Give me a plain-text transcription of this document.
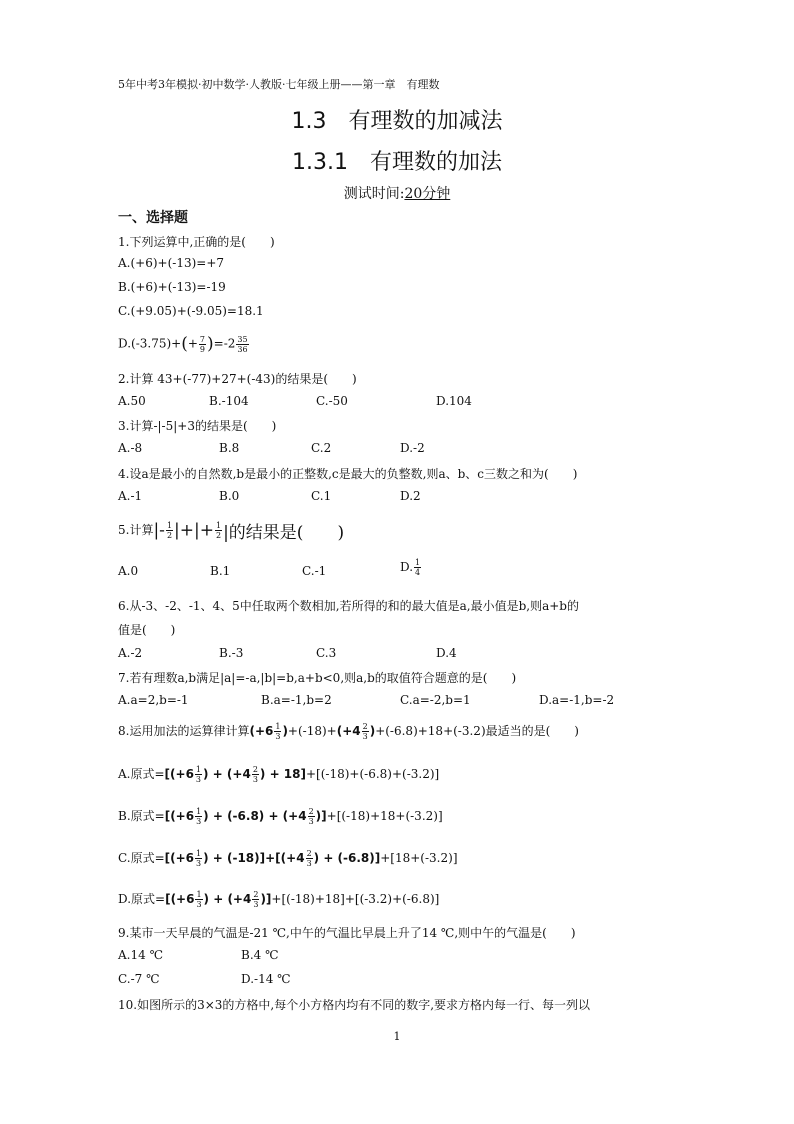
5年中考3年模拟·初中数学·人教版·七年级上册——第一章　有理数
1.3　有理数的加减法
1.3.1　有理数的加法
测试时间:20分钟
一、选择题
1.下列运算中,正确的是(　　)
A.(+6)+(-13)=+7
B.(+6)+(-13)=-19
C.(+9.05)+(-9.05)=18.1
$D.(-3.75)+(+ \frac{7}{9} )=-2 \frac{35}{36}$
2.计算 43+(-77)+27+(-43)的结果是(　　)
A.50	B.-104	C.-50	D.104
3.计算-|-5|+3的结果是(　　)
A.-8	B.8	C.2	D.-2
4.设a是最小的自然数,b是最小的正整数,c是最大的负整数,则a、b、c三数之和为(　　)
A.-1	B.0	C.1	D.2
5.计算|- $\frac{1}{2}$ |+|+ $\frac{1}{2}$ |的结果是(　　)
A.0	B.1	C.-1	D. $\frac{1}{4}$
6.从-3、-2、-1、4、5中任取两个数相加,若所得的和的最大值是a,最小值是b,则a+b的
值是(　　)
A.-2	B.-3	C.3	D.4
7.若有理数a,b满足|a|=-a,|b|=b,a+b<0,则a,b的取值符合题意的是(　　)
A.a=2,b=-1	B.a=-1,b=2	C.a=-2,b=1	D.a=-1,b=-2
8.运用加法的运算律计算$(+6 \frac{1}{3} )+(-18)+(+4 \frac{2}{3} )+(-6.8)+18+(-3.2)$最适当的是(　　)
A.原式$=[(+6 \frac{1}{3}$ ) + ($+4 \frac{2}{3}$ ) + 18]+[(-18)+(-6.8)+(-3.2)]
B.原式$=[(+6 \frac{1}{3}$ ) + $(-6.8) + (+4 \frac{2}{3} )]+[(-18)+18+(-3.2)]$
C.原式$=[(+6 \frac{1}{3}$ ) + $(-18)]+[(+4 \frac{2}{3}$ ) + (-6.8)]+[18+(-3.2)]
D.原式$=[(+6 \frac{1}{3}$ ) + $(+4 \frac{2}{3} )]+[(-18)+18]+[(-3.2)+(-6.8)]$
9.某市一天早晨的气温是-21 ℃,中午的气温比早晨上升了14 ℃,则中午的气温是(　　)
A.14 ℃	B.4 ℃
C.-7 ℃	D.-14 ℃
10.如图所示的3×3的方格中,每个小方格内均有不同的数字,要求方格内每一行、每一列以
1
